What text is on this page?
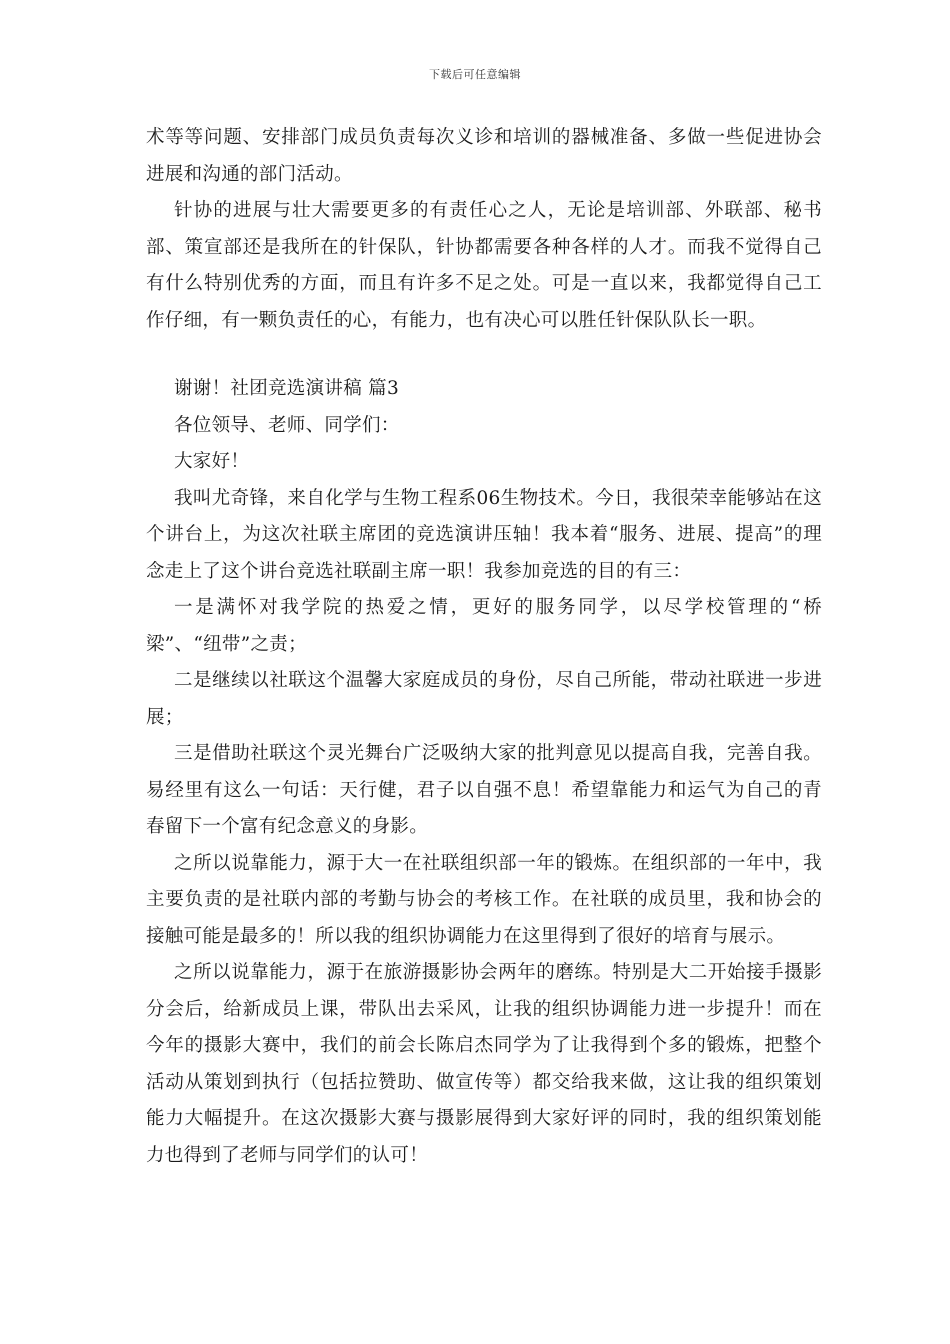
下载后可任意编辑

术等等问题、安排部门成员负责每次义诊和培训的器械准备、多做一些促进协会进展和沟通的部门活动。

针协的进展与壮大需要更多的有责任心之人，无论是培训部、外联部、秘书部、策宣部还是我所在的针保队，针协都需要各种各样的人才。而我不觉得自己有什么特别优秀的方面，而且有许多不足之处。可是一直以来，我都觉得自己工作仔细，有一颗负责任的心，有能力，也有决心可以胜任针保队队长一职。

谢谢！社团竞选演讲稿 篇3

各位领导、老师、同学们：

大家好！

我叫尤奇锋，来自化学与生物工程系06生物技术。今日，我很荣幸能够站在这个讲台上，为这次社联主席团的竞选演讲压轴！我本着“服务、进展、提高”的理念走上了这个讲台竞选社联副主席一职！我参加竞选的目的有三：

一是满怀对我学院的热爱之情，更好的服务同学，以尽学校管理的“桥梁”、“纽带”之责；

二是继续以社联这个温馨大家庭成员的身份，尽自己所能，带动社联进一步进展；

三是借助社联这个灵光舞台广泛吸纳大家的批判意见以提高自我，完善自我。易经里有这么一句话：天行健，君子以自强不息！希望靠能力和运气为自己的青春留下一个富有纪念意义的身影。

之所以说靠能力，源于大一在社联组织部一年的锻炼。在组织部的一年中，我主要负责的是社联内部的考勤与协会的考核工作。在社联的成员里，我和协会的接触可能是最多的！所以我的组织协调能力在这里得到了很好的培育与展示。

之所以说靠能力，源于在旅游摄影协会两年的磨练。特别是大二开始接手摄影分会后，给新成员上课，带队出去采风，让我的组织协调能力进一步提升！而在今年的摄影大赛中，我们的前会长陈启杰同学为了让我得到个多的锻炼，把整个活动从策划到执行（包括拉赞助、做宣传等）都交给我来做，这让我的组织策划能力大幅提升。在这次摄影大赛与摄影展得到大家好评的同时，我的组织策划能力也得到了老师与同学们的认可！
